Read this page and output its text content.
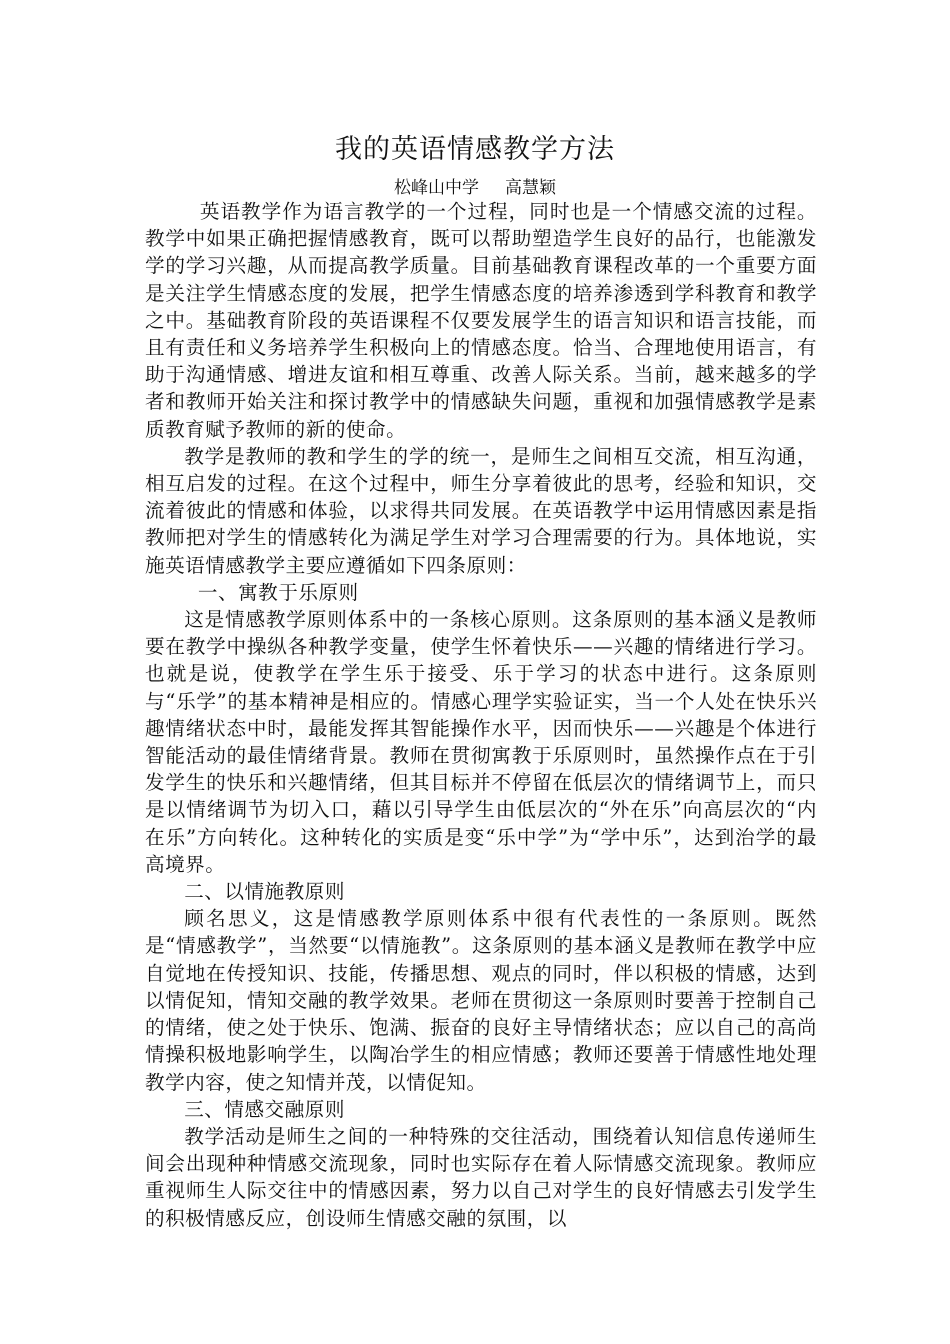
我的英语情感教学方法
松峰山中学 高慧颖

英语教学作为语言教学的一个过程，同时也是一个情感交流的过程。教学中如果正确把握情感教育，既可以帮助塑造学生良好的品行，也能激发学的学习兴趣，从而提高教学质量。目前基础教育课程改革的一个重要方面是关注学生情感态度的发展，把学生情感态度的培养渗透到学科教育和教学之中。基础教育阶段的英语课程不仅要发展学生的语言知识和语言技能，而且有责任和义务培养学生积极向上的情感态度。恰当、合理地使用语言，有助于沟通情感、增进友谊和相互尊重、改善人际关系。当前，越来越多的学者和教师开始关注和探讨教学中的情感缺失问题，重视和加强情感教学是素质教育赋予教师的新的使命。

教学是教师的教和学生的学的统一，是师生之间相互交流，相互沟通，相互启发的过程。在这个过程中，师生分享着彼此的思考，经验和知识，交流着彼此的情感和体验，以求得共同发展。在英语教学中运用情感因素是指教师把对学生的情感转化为满足学生对学习合理需要的行为。具体地说，实施英语情感教学主要应遵循如下四条原则：

一、寓教于乐原则

这是情感教学原则体系中的一条核心原则。这条原则的基本涵义是教师要在教学中操纵各种教学变量，使学生怀着快乐——兴趣的情绪进行学习。也就是说，使教学在学生乐于接受、乐于学习的状态中进行。这条原则与“乐学”的基本精神是相应的。情感心理学实验证实，当一个人处在快乐兴趣情绪状态中时，最能发挥其智能操作水平，因而快乐——兴趣是个体进行智能活动的最佳情绪背景。教师在贯彻寓教于乐原则时，虽然操作点在于引发学生的快乐和兴趣情绪，但其目标并不停留在低层次的情绪调节上，而只是以情绪调节为切入口，藉以引导学生由低层次的“外在乐”向高层次的“内在乐”方向转化。这种转化的实质是变“乐中学”为“学中乐”，达到治学的最高境界。

二、以情施教原则

顾名思义，这是情感教学原则体系中很有代表性的一条原则。既然是“情感教学”，当然要“以情施教”。这条原则的基本涵义是教师在教学中应自觉地在传授知识、技能，传播思想、观点的同时，伴以积极的情感，达到以情促知，情知交融的教学效果。老师在贯彻这一条原则时要善于控制自己的情绪，使之处于快乐、饱满、振奋的良好主导情绪状态；应以自己的高尚情操积极地影响学生，以陶冶学生的相应情感；教师还要善于情感性地处理教学内容，使之知情并茂，以情促知。

三、情感交融原则

教学活动是师生之间的一种特殊的交往活动，围绕着认知信息传递师生间会出现种种情感交流现象，同时也实际存在着人际情感交流现象。教师应重视师生人际交往中的情感因素，努力以自己对学生的良好情感去引发学生的积极情感反应，创设师生情感交融的氛围，以
